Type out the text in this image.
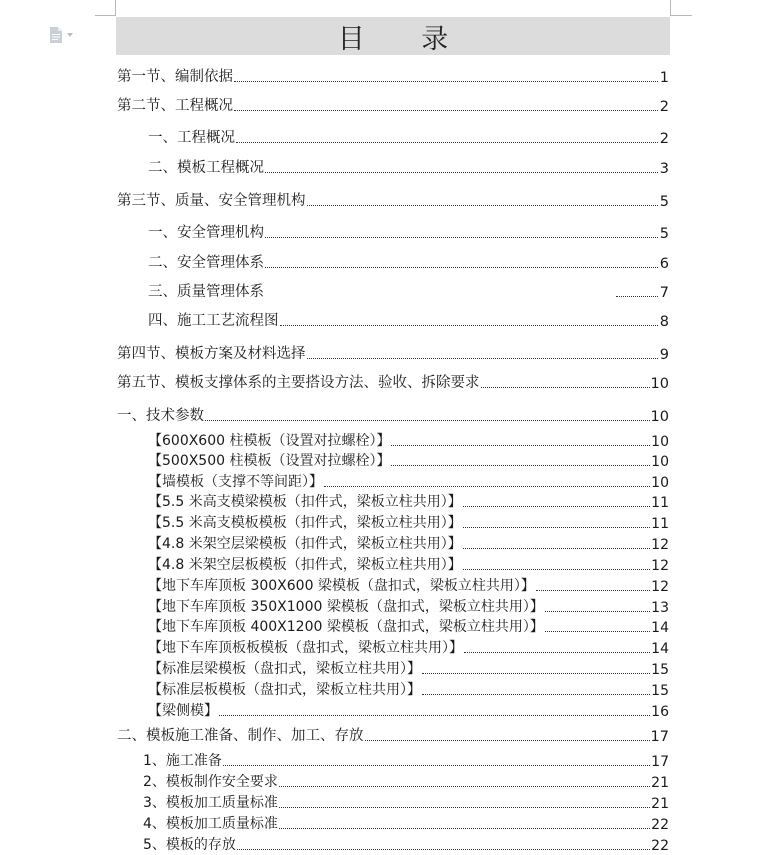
目 录
第一节、编制依据	1
第二节、工程概况	2
一、工程概况	2
二、模板工程概况	3
第三节、质量、安全管理机构	5
一、安全管理机构	5
二、安全管理体系	6
三、质量管理体系	7
四、施工工艺流程图	8
第四节、模板方案及材料选择	9
第五节、模板支撑体系的主要搭设方法、验收、拆除要求	10
一、技术参数	10
【600X600 柱模板（设置对拉螺栓）】	10
【500X500 柱模板（设置对拉螺栓）】	10
【墙模板（支撑不等间距）】	10
【5.5 米高支模梁模板（扣件式，梁板立柱共用）】	11
【5.5 米高支模板模板（扣件式，梁板立柱共用）】	11
【4.8 米架空层梁模板（扣件式，梁板立柱共用）】	12
【4.8 米架空层板模板（扣件式，梁板立柱共用）】	12
【地下车库顶板 300X600 梁模板（盘扣式，梁板立柱共用）】	12
【地下车库顶板 350X1000 梁模板（盘扣式，梁板立柱共用）】	13
【地下车库顶板 400X1200 梁模板（盘扣式，梁板立柱共用）】	14
【地下车库顶板板模板（盘扣式，梁板立柱共用）】	14
【标准层梁模板（盘扣式，梁板立柱共用）】	15
【标准层板模板（盘扣式，梁板立柱共用）】	15
【梁侧模】	16
二、模板施工准备、制作、加工、存放	17
1、施工准备	17
2、模板制作安全要求	21
3、模板加工质量标准	21
4、模板加工质量标准	22
5、模板的存放	22
